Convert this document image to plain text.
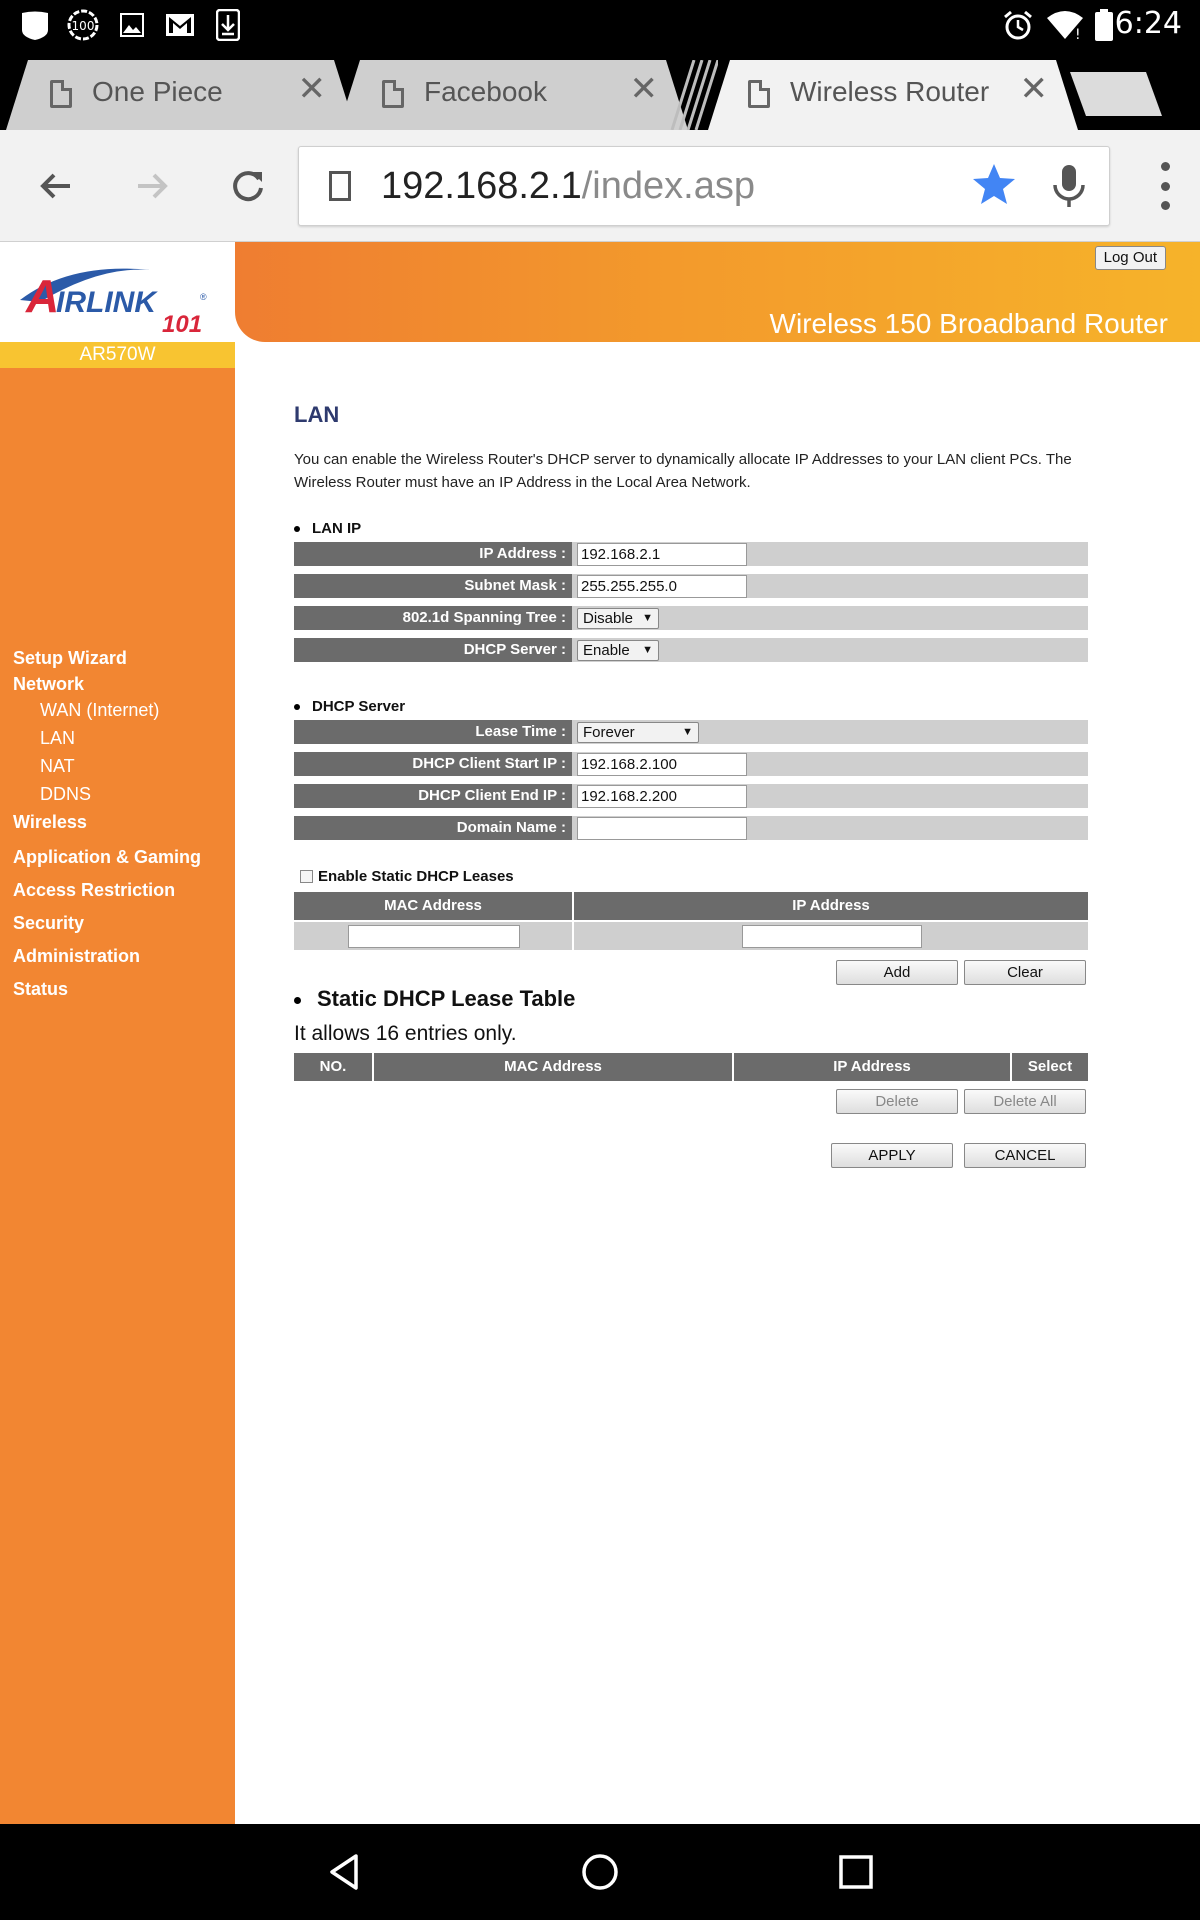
100
! 6:24
One Piece ✕	Facebook ✕	Wireless Router ✕
192.168.2.1/index.asp
A
IRLINK
101
®
Log Out
Wireless 150 Broadband Router
AR570W
Setup Wizard
Network
WAN (Internet)
LAN
NAT
DDNS
Wireless
Application & Gaming
Access Restriction
Security
Administration
Status
LAN
You can enable the Wireless Router's DHCP server to dynamically allocate IP Addresses to your LAN client PCs. The Wireless Router must have an IP Address in the Local Area Network.
LAN IP
IP Address :	192.168.2.1
Subnet Mask :	255.255.255.0
802.1d Spanning Tree :	Disable ▼
DHCP Server :	Enable ▼
DHCP Server
Lease Time :	Forever	▼
DHCP Client Start IP :	192.168.2.100
DHCP Client End IP :	192.168.2.200
Domain Name :
Enable Static DHCP Leases
MAC Address	IP Address
Add	Clear
Static DHCP Lease Table
It allows 16 entries only.
NO.	MAC Address	IP Address	Select
Delete	Delete All
APPLY	CANCEL
